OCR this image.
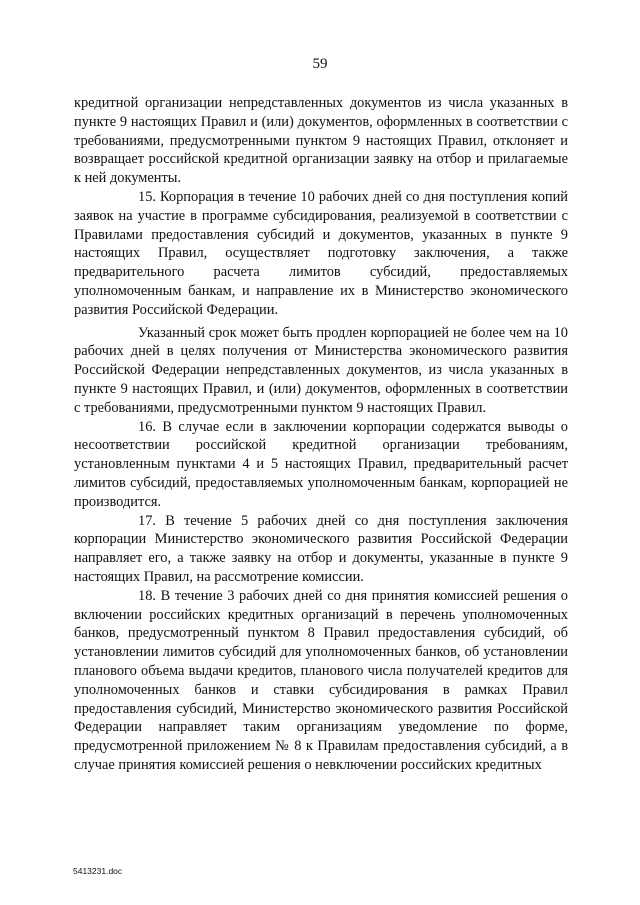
59

кредитной организации непредставленных документов из числа указанных в пункте 9 настоящих Правил и (или) документов, оформленных в соответствии с требованиями, предусмотренными пунктом 9 настоящих Правил, отклоняет и возвращает российской кредитной организации заявку на отбор и прилагаемые к ней документы.

15. Корпорация в течение 10 рабочих дней со дня поступления копий заявок на участие в программе субсидирования, реализуемой в соответствии с Правилами предоставления субсидий и документов, указанных в пункте 9 настоящих Правил, осуществляет подготовку заключения, а также предварительного расчета лимитов субсидий, предоставляемых уполномоченным банкам, и направление их в Министерство экономического развития Российской Федерации.

Указанный срок может быть продлен корпорацией не более чем на 10 рабочих дней в целях получения от Министерства экономического развития Российской Федерации непредставленных документов, из числа указанных в пункте 9 настоящих Правил, и (или) документов, оформленных в соответствии с требованиями, предусмотренными пунктом 9 настоящих Правил.

16. В случае если в заключении корпорации содержатся выводы о несоответствии российской кредитной организации требованиям, установленным пунктами 4 и 5 настоящих Правил, предварительный расчет лимитов субсидий, предоставляемых уполномоченным банкам, корпорацией не производится.

17. В течение 5 рабочих дней со дня поступления заключения корпорации Министерство экономического развития Российской Федерации направляет его, а также заявку на отбор и документы, указанные в пункте 9 настоящих Правил, на рассмотрение комиссии.

18. В течение 3 рабочих дней со дня принятия комиссией решения о включении российских кредитных организаций в перечень уполномоченных банков, предусмотренный пунктом 8 Правил предоставления субсидий, об установлении лимитов субсидий для уполномоченных банков, об установлении планового объема выдачи кредитов, планового числа получателей кредитов для уполномоченных банков и ставки субсидирования в рамках Правил предоставления субсидий, Министерство экономического развития Российской Федерации направляет таким организациям уведомление по форме, предусмотренной приложением № 8 к Правилам предоставления субсидий, а в случае принятия комиссией решения о невключении российских кредитных

5413231.doc
